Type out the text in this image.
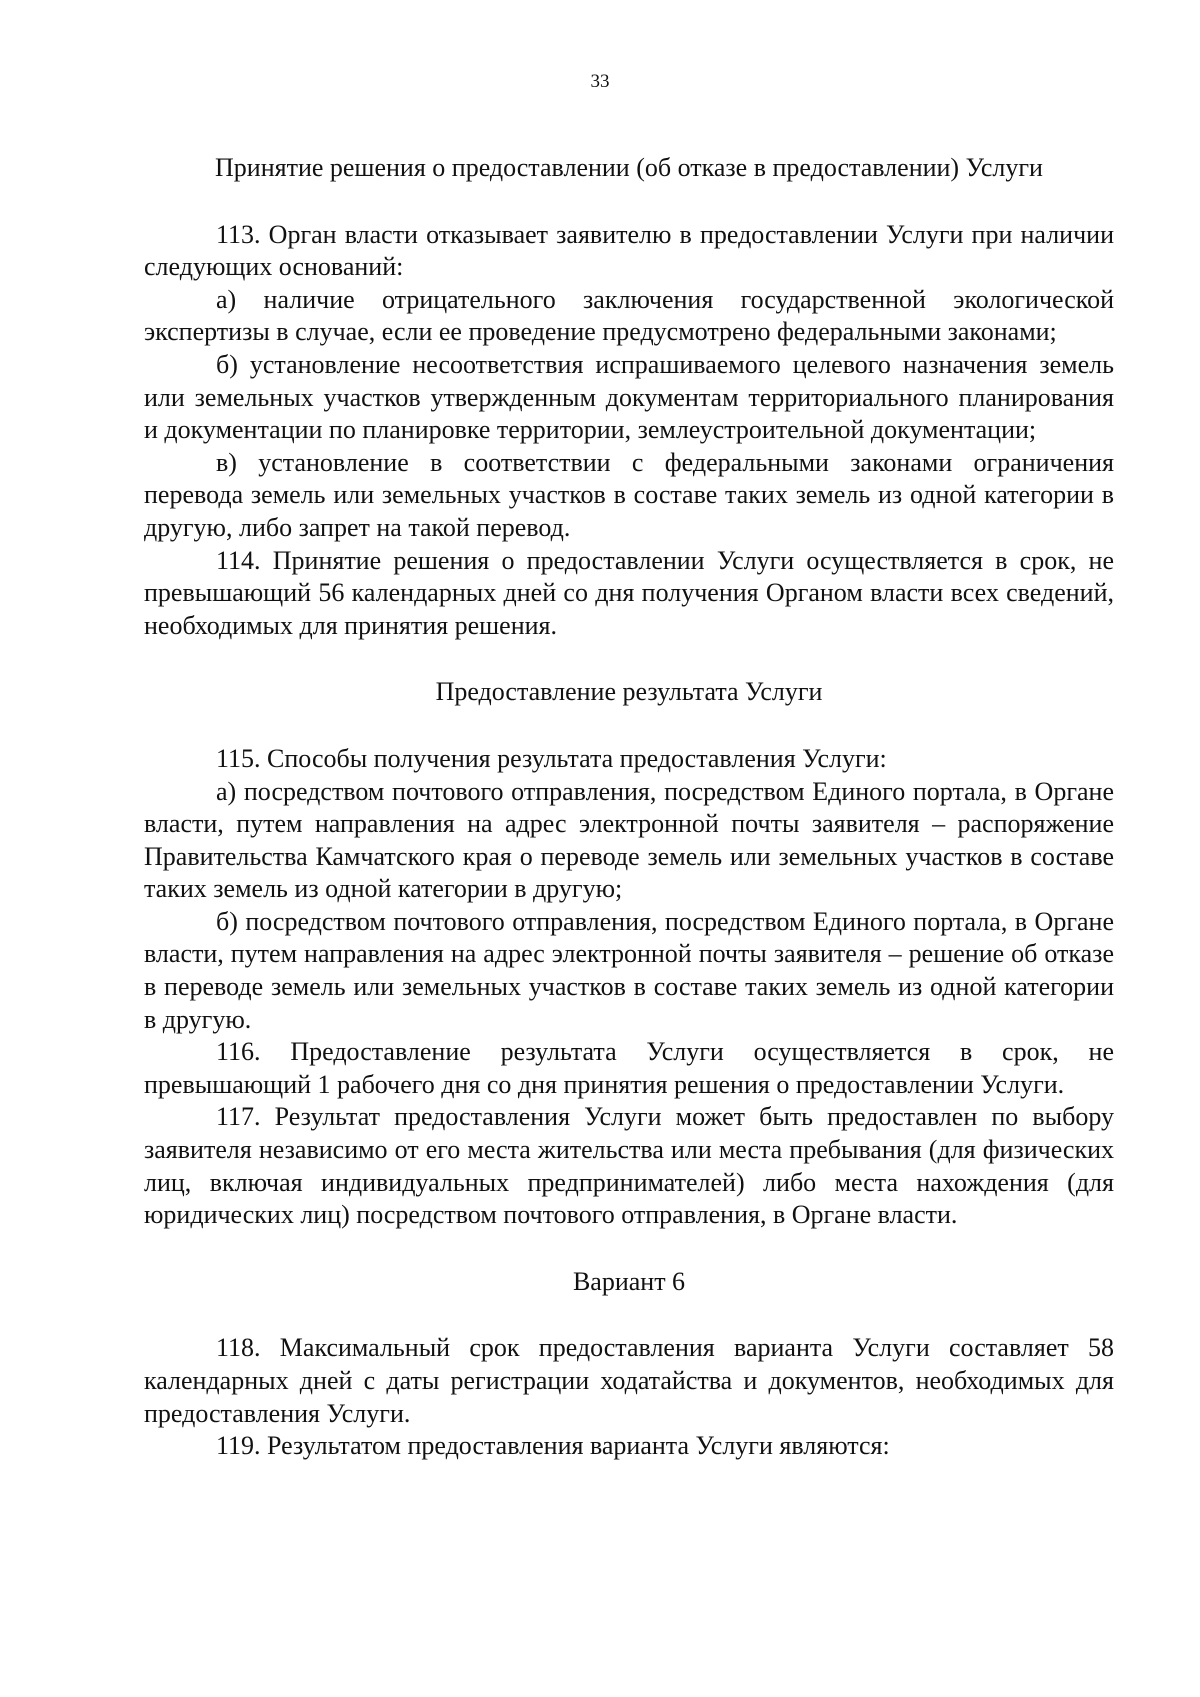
33

Принятие решения о предоставлении (об отказе в предоставлении) Услуги

113. Орган власти отказывает заявителю в предоставлении Услуги при наличии следующих оснований:

а) наличие отрицательного заключения государственной экологической экспертизы в случае, если ее проведение предусмотрено федеральными законами;

б) установление несоответствия испрашиваемого целевого назначения земель или земельных участков утвержденным документам территориального планирования и документации по планировке территории, землеустроительной документации;

в) установление в соответствии с федеральными законами ограничения перевода земель или земельных участков в составе таких земель из одной категории в другую, либо запрет на такой перевод.

114. Принятие решения о предоставлении Услуги осуществляется в срок, не превышающий 56 календарных дней со дня получения Органом власти всех сведений, необходимых для принятия решения.

Предоставление результата Услуги

115. Способы получения результата предоставления Услуги:

а) посредством почтового отправления, посредством Единого портала, в Органе власти, путем направления на адрес электронной почты заявителя – распоряжение Правительства Камчатского края о переводе земель или земельных участков в составе таких земель из одной категории в другую;

б) посредством почтового отправления, посредством Единого портала, в Органе власти, путем направления на адрес электронной почты заявителя – решение об отказе в переводе земель или земельных участков в составе таких земель из одной категории в другую.

116. Предоставление результата Услуги осуществляется в срок, не превышающий 1 рабочего дня со дня принятия решения о предоставлении Услуги.

117. Результат предоставления Услуги может быть предоставлен по выбору заявителя независимо от его места жительства или места пребывания (для физических лиц, включая индивидуальных предпринимателей) либо места нахождения (для юридических лиц) посредством почтового отправления, в Органе власти.

Вариант 6

118. Максимальный срок предоставления варианта Услуги составляет 58 календарных дней с даты регистрации ходатайства и документов, необходимых для предоставления Услуги.

119. Результатом предоставления варианта Услуги являются:
